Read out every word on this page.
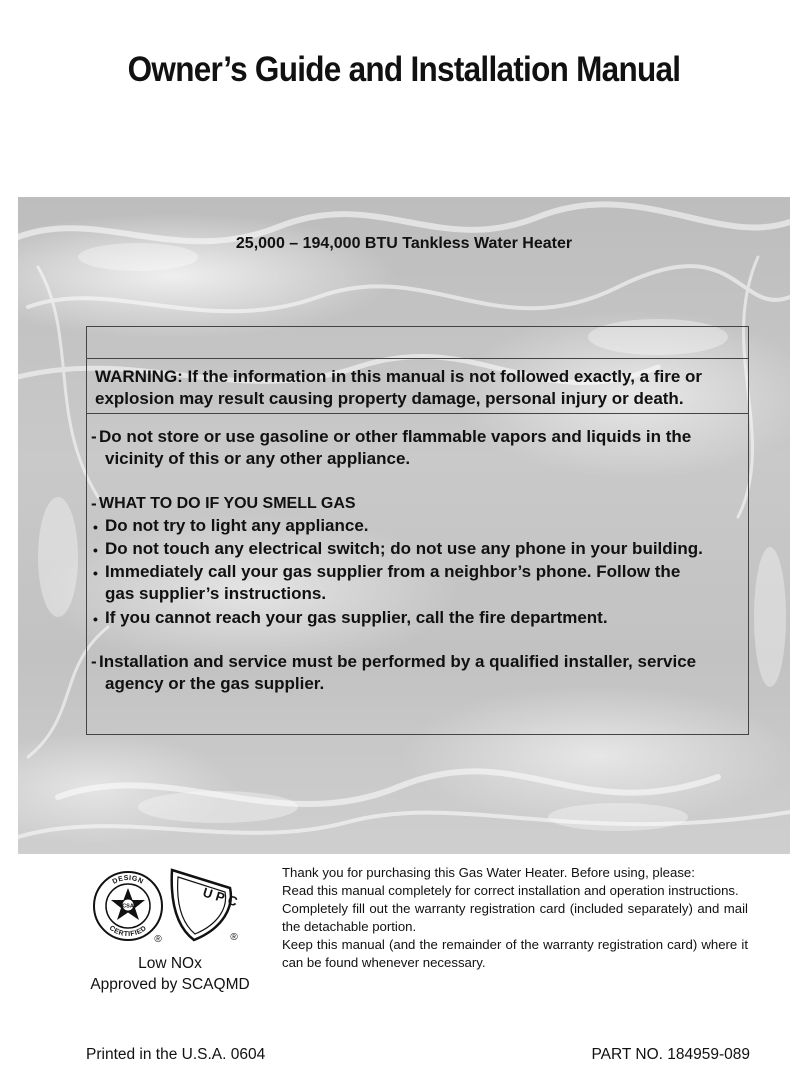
Owner’s Guide and Installation Manual
25,000 – 194,000 BTU Tankless Water Heater
WARNING: If the information in this manual is not followed exactly, a fire or
explosion may result causing property damage, personal injury or death.
- Do not store or use gasoline or other flammable vapors and liquids in the
vicinity of this or any other appliance.
- WHAT TO DO IF YOU SMELL GAS
• Do not try to light any appliance.
• Do not touch any electrical switch; do not use any phone in your building.
• Immediately call your gas supplier from a neighbor’s phone. Follow the
gas supplier’s instructions.
• If you cannot reach your gas supplier, call the fire department.
- Installation and service must be performed by a qualified installer, service
agency or the gas supplier.
DESIGN
CERTIFIED
CSA
®
UPC
®
Low NOx
Approved by SCAQMD
Thank you for purchasing this Gas Water Heater. Before using, please:
Read this manual completely for correct installation and operation instructions.
Completely fill out the warranty registration card (included separately) and mail the detachable portion.
Keep this manual (and the remainder of the warranty registration card) where it can be found whenever necessary.
Printed in the U.S.A. 0604	PART NO. 184959-089
